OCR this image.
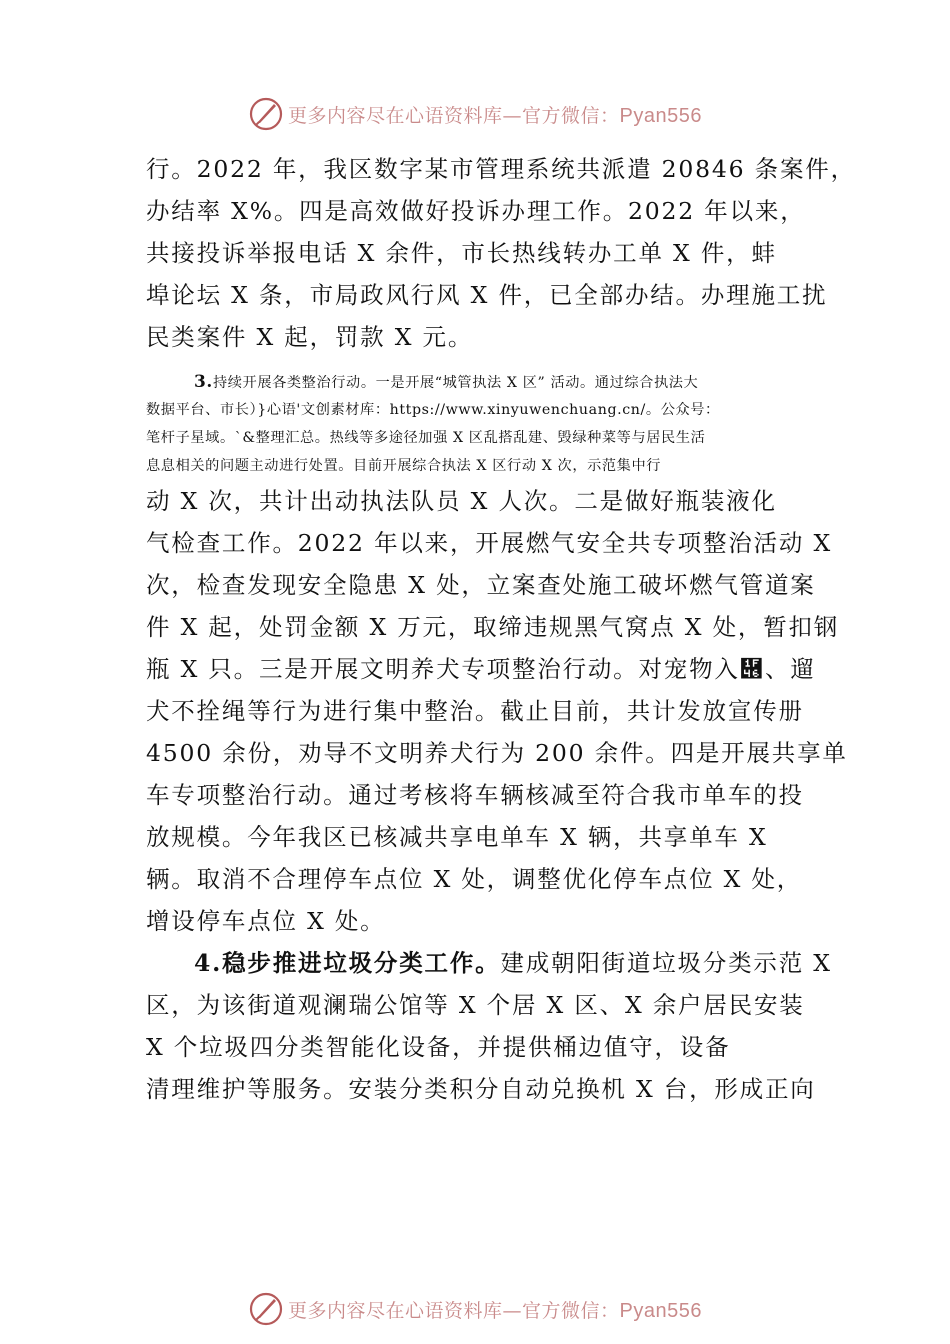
更多内容尽在心语资料库—官方微信：Pyan556
行。2022 年，我区数字某市管理系统共派遣 20846 条案件，
办结率 X%。四是高效做好投诉办理工作。2022 年以来，
共接投诉举报电话 X 余件，市长热线转办工单 X 件，蚌
埠论坛 X 条，市局政风行风 X 件，已全部办结。办理施工扰
民类案件 X 起，罚款 X 元。
3.持续开展各类整治行动。一是开展“城管执法 X 区” 活动。通过综合执法大
数据平台、市长）}心语'文创素材库：https://www.xinyuwenchuang.cn/。公众号：
笔杆子星域。`&整理汇总。热线等多途径加强 X 区乱搭乱建、毁绿种菜等与居民生活
息息相关的问题主动进行处置。目前开展综合执法 X 区行动 X 次，示范集中行
动 X 次，共计出动执法队员 X 人次。二是做好瓶装液化
气检查工作。2022 年以来，开展燃气安全共专项整治活动 X
次，检查发现安全隐患 X 处，立案查处施工破坏燃气管道案
件 X 起，处罚金额 X 万元，取缔违规黑气窝点 X 处，暂扣钢
瓶 X 只。三是开展文明养犬专项整治行动。对宠物入὆、遛
犬不拴绳等行为进行集中整治。截止目前，共计发放宣传册
4500 余份，劝导不文明养犬行为 200 余件。四是开展共享单
车专项整治行动。通过考核将车辆核减至符合我市单车的投
放规模。今年我区已核减共享电单车 X 辆，共享单车 X
辆。取消不合理停车点位 X 处，调整优化停车点位 X 处，
增设停车点位 X 处。
4.稳步推进垃圾分类工作。建成朝阳街道垃圾分类示范 X
区，为该街道观澜瑞公馆等 X 个居 X 区、X 余户居民安装
X 个垃圾四分类智能化设备，并提供桶边值守，设备
清理维护等服务。安装分类积分自动兑换机 X 台，形成正向
更多内容尽在心语资料库—官方微信：Pyan556
